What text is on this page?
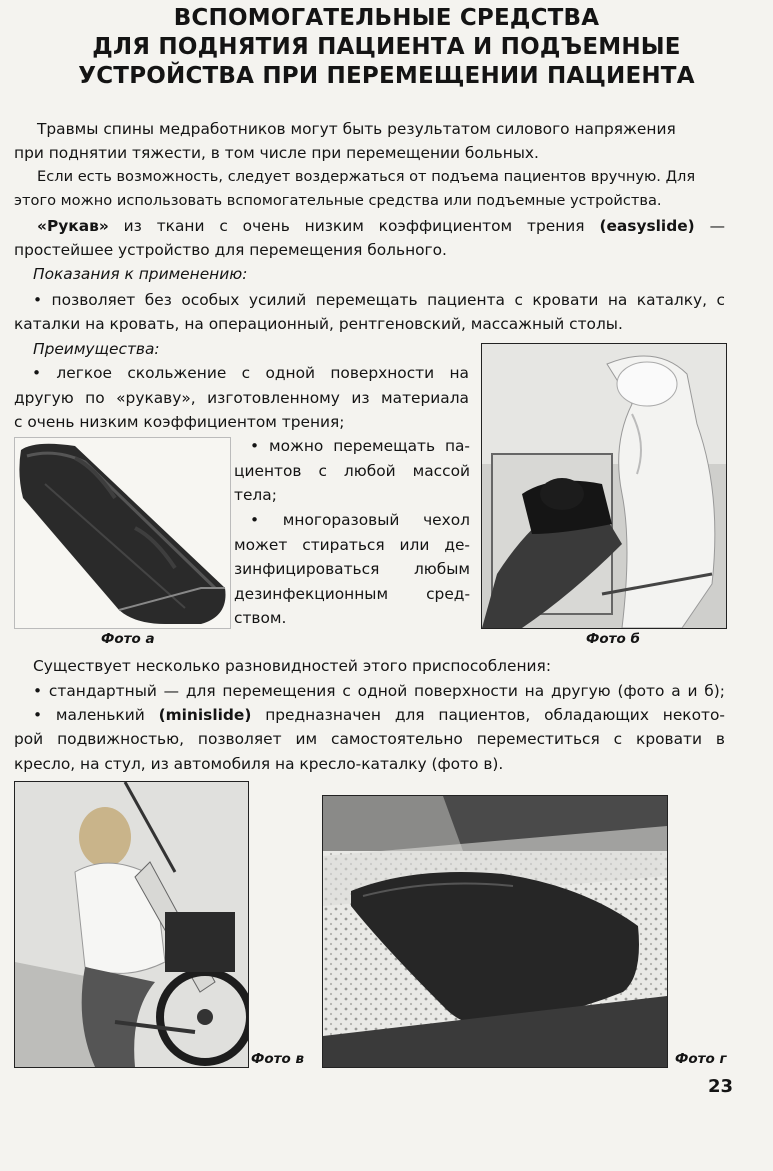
ВСПОМОГАТЕЛЬНЫЕ СРЕДСТВА
ДЛЯ ПОДНЯТИЯ ПАЦИЕНТА И ПОДЪЕМНЫЕ
УСТРОЙСТВА ПРИ ПЕРЕМЕЩЕНИИ ПАЦИЕНТА
Травмы спины медработников могут быть результатом силового напряжения
при поднятии тяжести, в том числе при перемещении больных.
Если есть возможность, следует воздержаться от подъема пациентов вручную. Для
этого можно использовать вспомогательные средства или подъемные устройства.
«Рукав» из ткани с очень низким коэффициентом трения (easyslide) —
простейшее устройство для перемещения больного.
Показания к применению:
• позволяет без особых усилий перемещать пациента с кровати на каталку, с
каталки на кровать, на операционный, рентгеновский, массажный столы.
Преимущества:
• легкое скольжение с одной поверхности на
другую по «рукаву», изготовленному из материала
с очень низким коэффициентом трения;
• можно перемещать па-
циентов с любой массой
тела;
• многоразовый чехол
может стираться или де-
зинфицироваться любым
дезинфекционным сред-
ством.
Фото а	Фото б
Существует несколько разновидностей этого приспособления:
• стандартный — для перемещения с одной поверхности на другую (фото а и б);
• маленький (minislide) предназначен для пациентов, обладающих некото-
рой подвижностью, позволяет им самостоятельно переместиться с кровати в
кресло, на стул, из автомобиля на кресло-каталку (фото в).
Фото в	Фото г
23
